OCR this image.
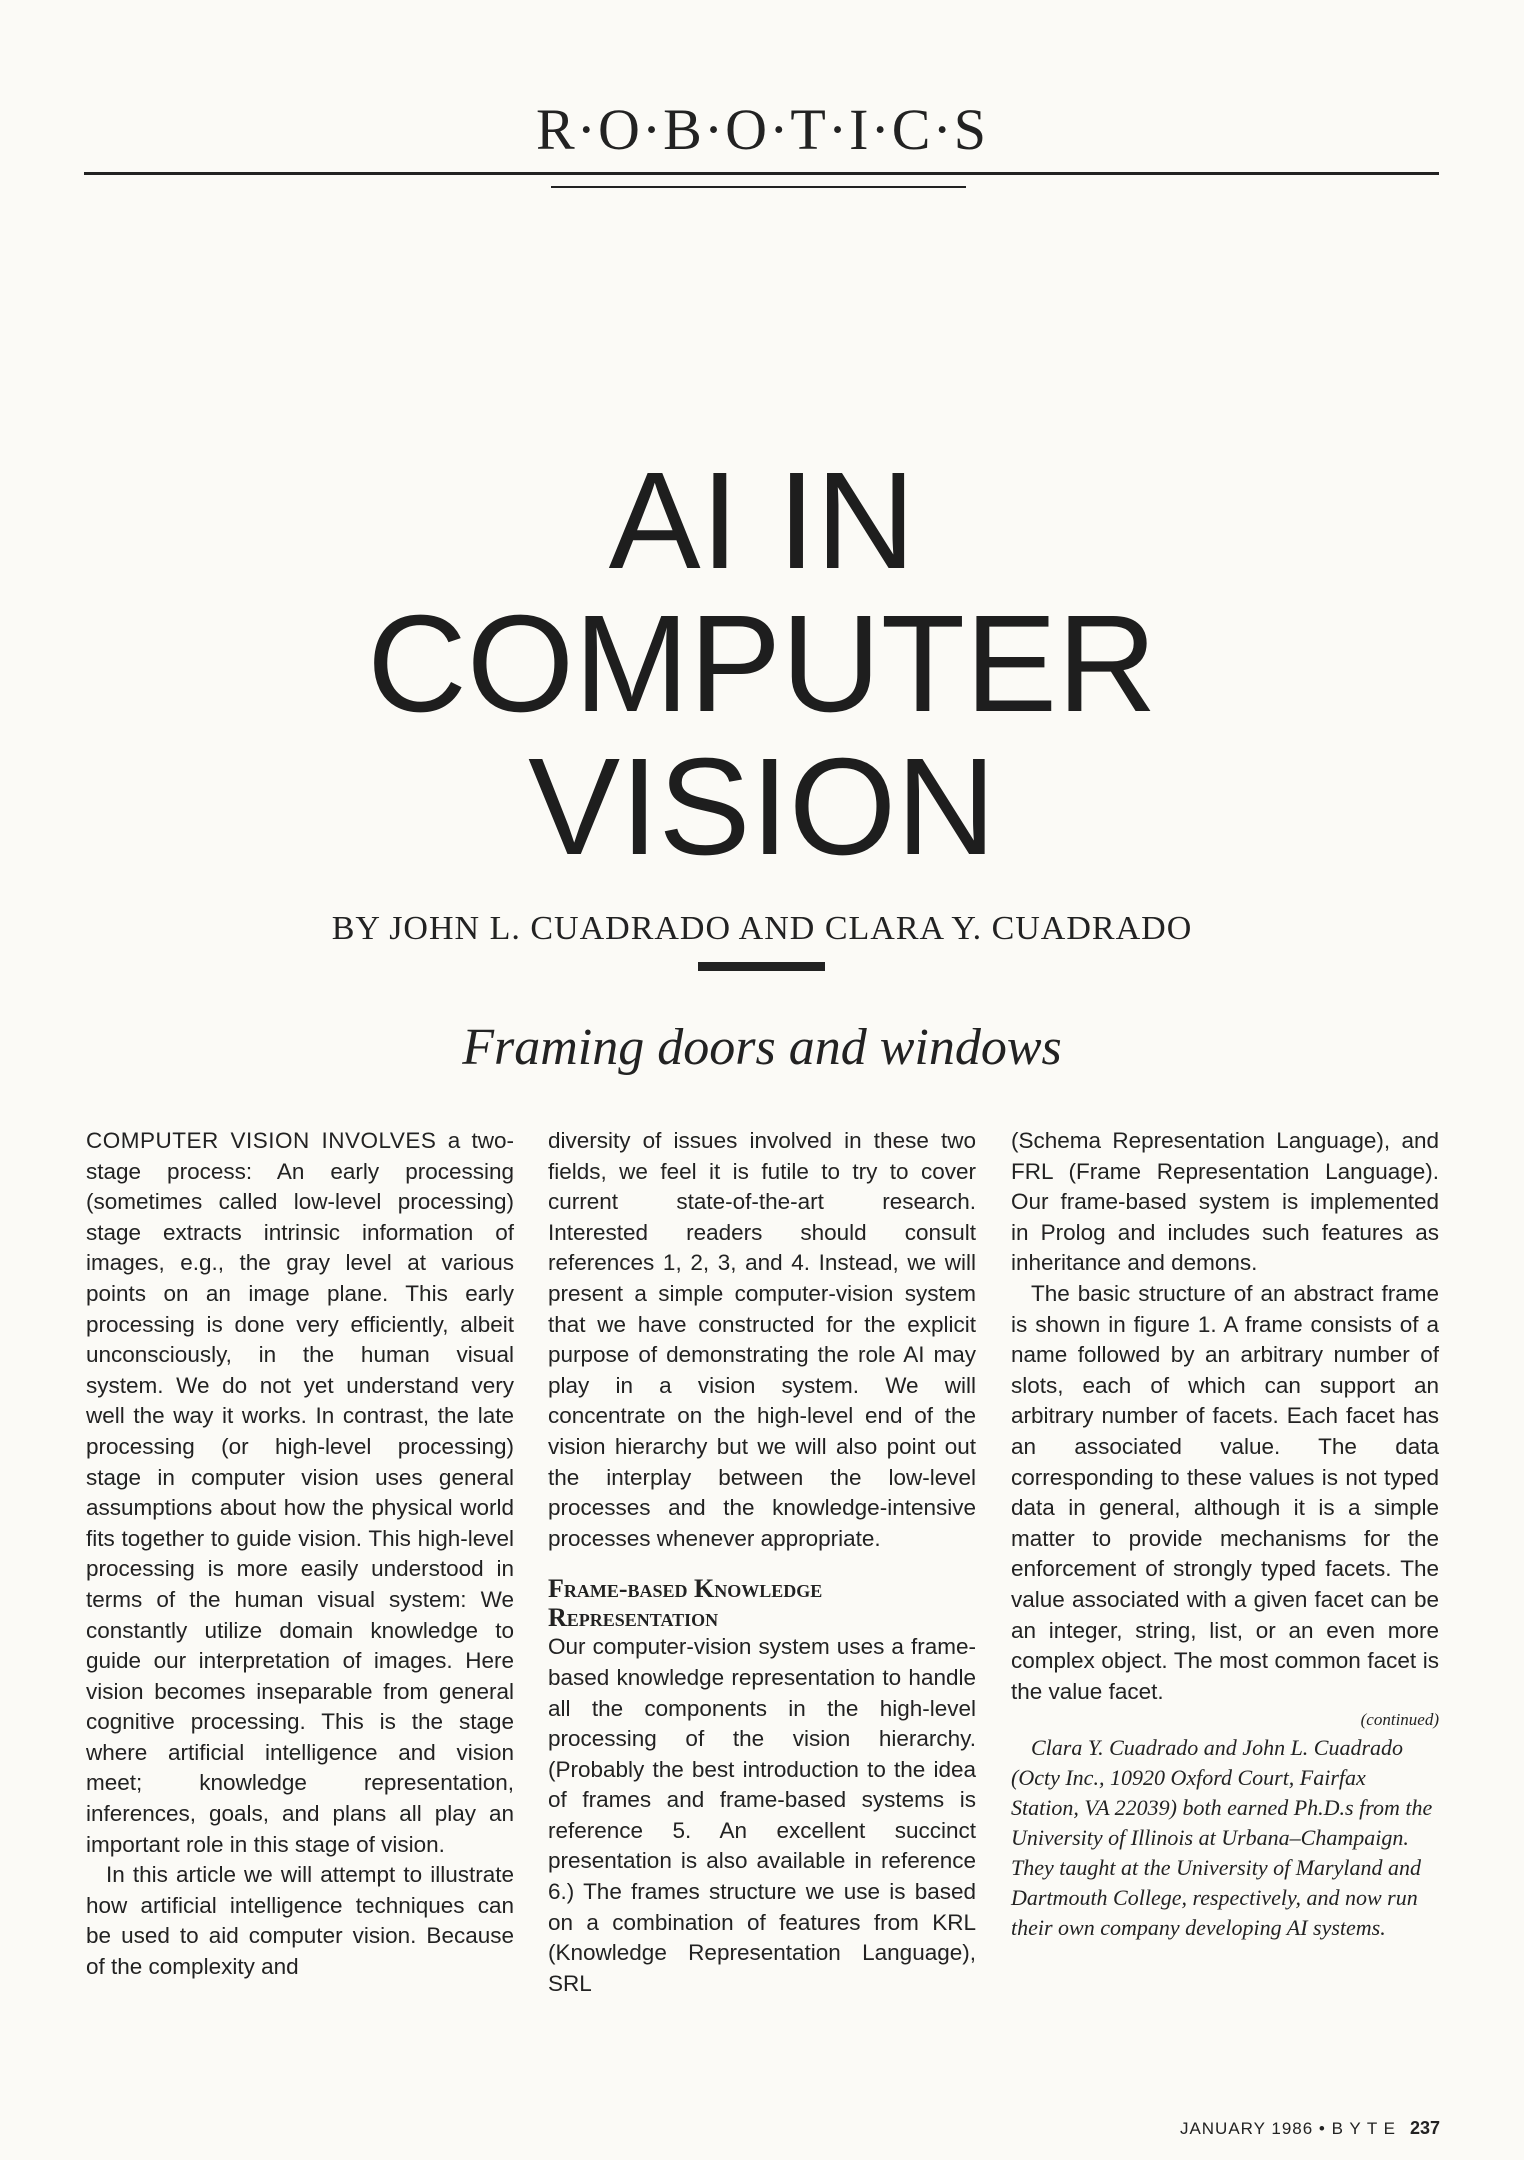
R·O·B·O·T·I·C·S
AI IN
COMPUTER
VISION
BY JOHN L. CUADRADO AND CLARA Y. CUADRADO
Framing doors and windows

COMPUTER VISION INVOLVES a two-stage process: An early processing (sometimes called low-level processing) stage extracts intrinsic information of images, e.g., the gray level at various points on an image plane. This early processing is done very efficiently, albeit unconsciously, in the human visual system. We do not yet understand very well the way it works. In contrast, the late processing (or high-level processing) stage in computer vision uses general assumptions about how the physical world fits together to guide vision. This high-level processing is more easily understood in terms of the human visual system: We constantly utilize domain knowledge to guide our interpretation of images. Here vision becomes inseparable from general cognitive processing. This is the stage where artificial intelligence and vision meet; knowledge representation, inferences, goals, and plans all play an important role in this stage of vision.

In this article we will attempt to illustrate how artificial intelligence techniques can be used to aid computer vision. Because of the complexity and

diversity of issues involved in these two fields, we feel it is futile to try to cover current state-of-the-art research. Interested readers should consult references 1, 2, 3, and 4. Instead, we will present a simple computer-vision system that we have constructed for the explicit purpose of demonstrating the role AI may play in a vision system. We will concentrate on the high-level end of the vision hierarchy but we will also point out the interplay between the low-level processes and the knowledge-intensive processes whenever appropriate.

Frame-based Knowledge Representation

Our computer-vision system uses a frame-based knowledge representation to handle all the components in the high-level processing of the vision hierarchy. (Probably the best introduction to the idea of frames and frame-based systems is reference 5. An excellent succinct presentation is also available in reference 6.) The frames structure we use is based on a combination of features from KRL (Knowledge Representation Language), SRL

(Schema Representation Language), and FRL (Frame Representation Language). Our frame-based system is implemented in Prolog and includes such features as inheritance and demons.

The basic structure of an abstract frame is shown in figure 1. A frame consists of a name followed by an arbitrary number of slots, each of which can support an arbitrary number of facets. Each facet has an associated value. The data corresponding to these values is not typed data in general, although it is a simple matter to provide mechanisms for the enforcement of strongly typed facets. The value associated with a given facet can be an integer, string, list, or an even more complex object. The most common facet is the value facet.

(continued)

Clara Y. Cuadrado and John L. Cuadrado (Octy Inc., 10920 Oxford Court, Fairfax Station, VA 22039) both earned Ph.D.s from the University of Illinois at Urbana–Champaign. They taught at the University of Maryland and Dartmouth College, respectively, and now run their own company developing AI systems.

JANUARY 1986 • B Y T E 237
